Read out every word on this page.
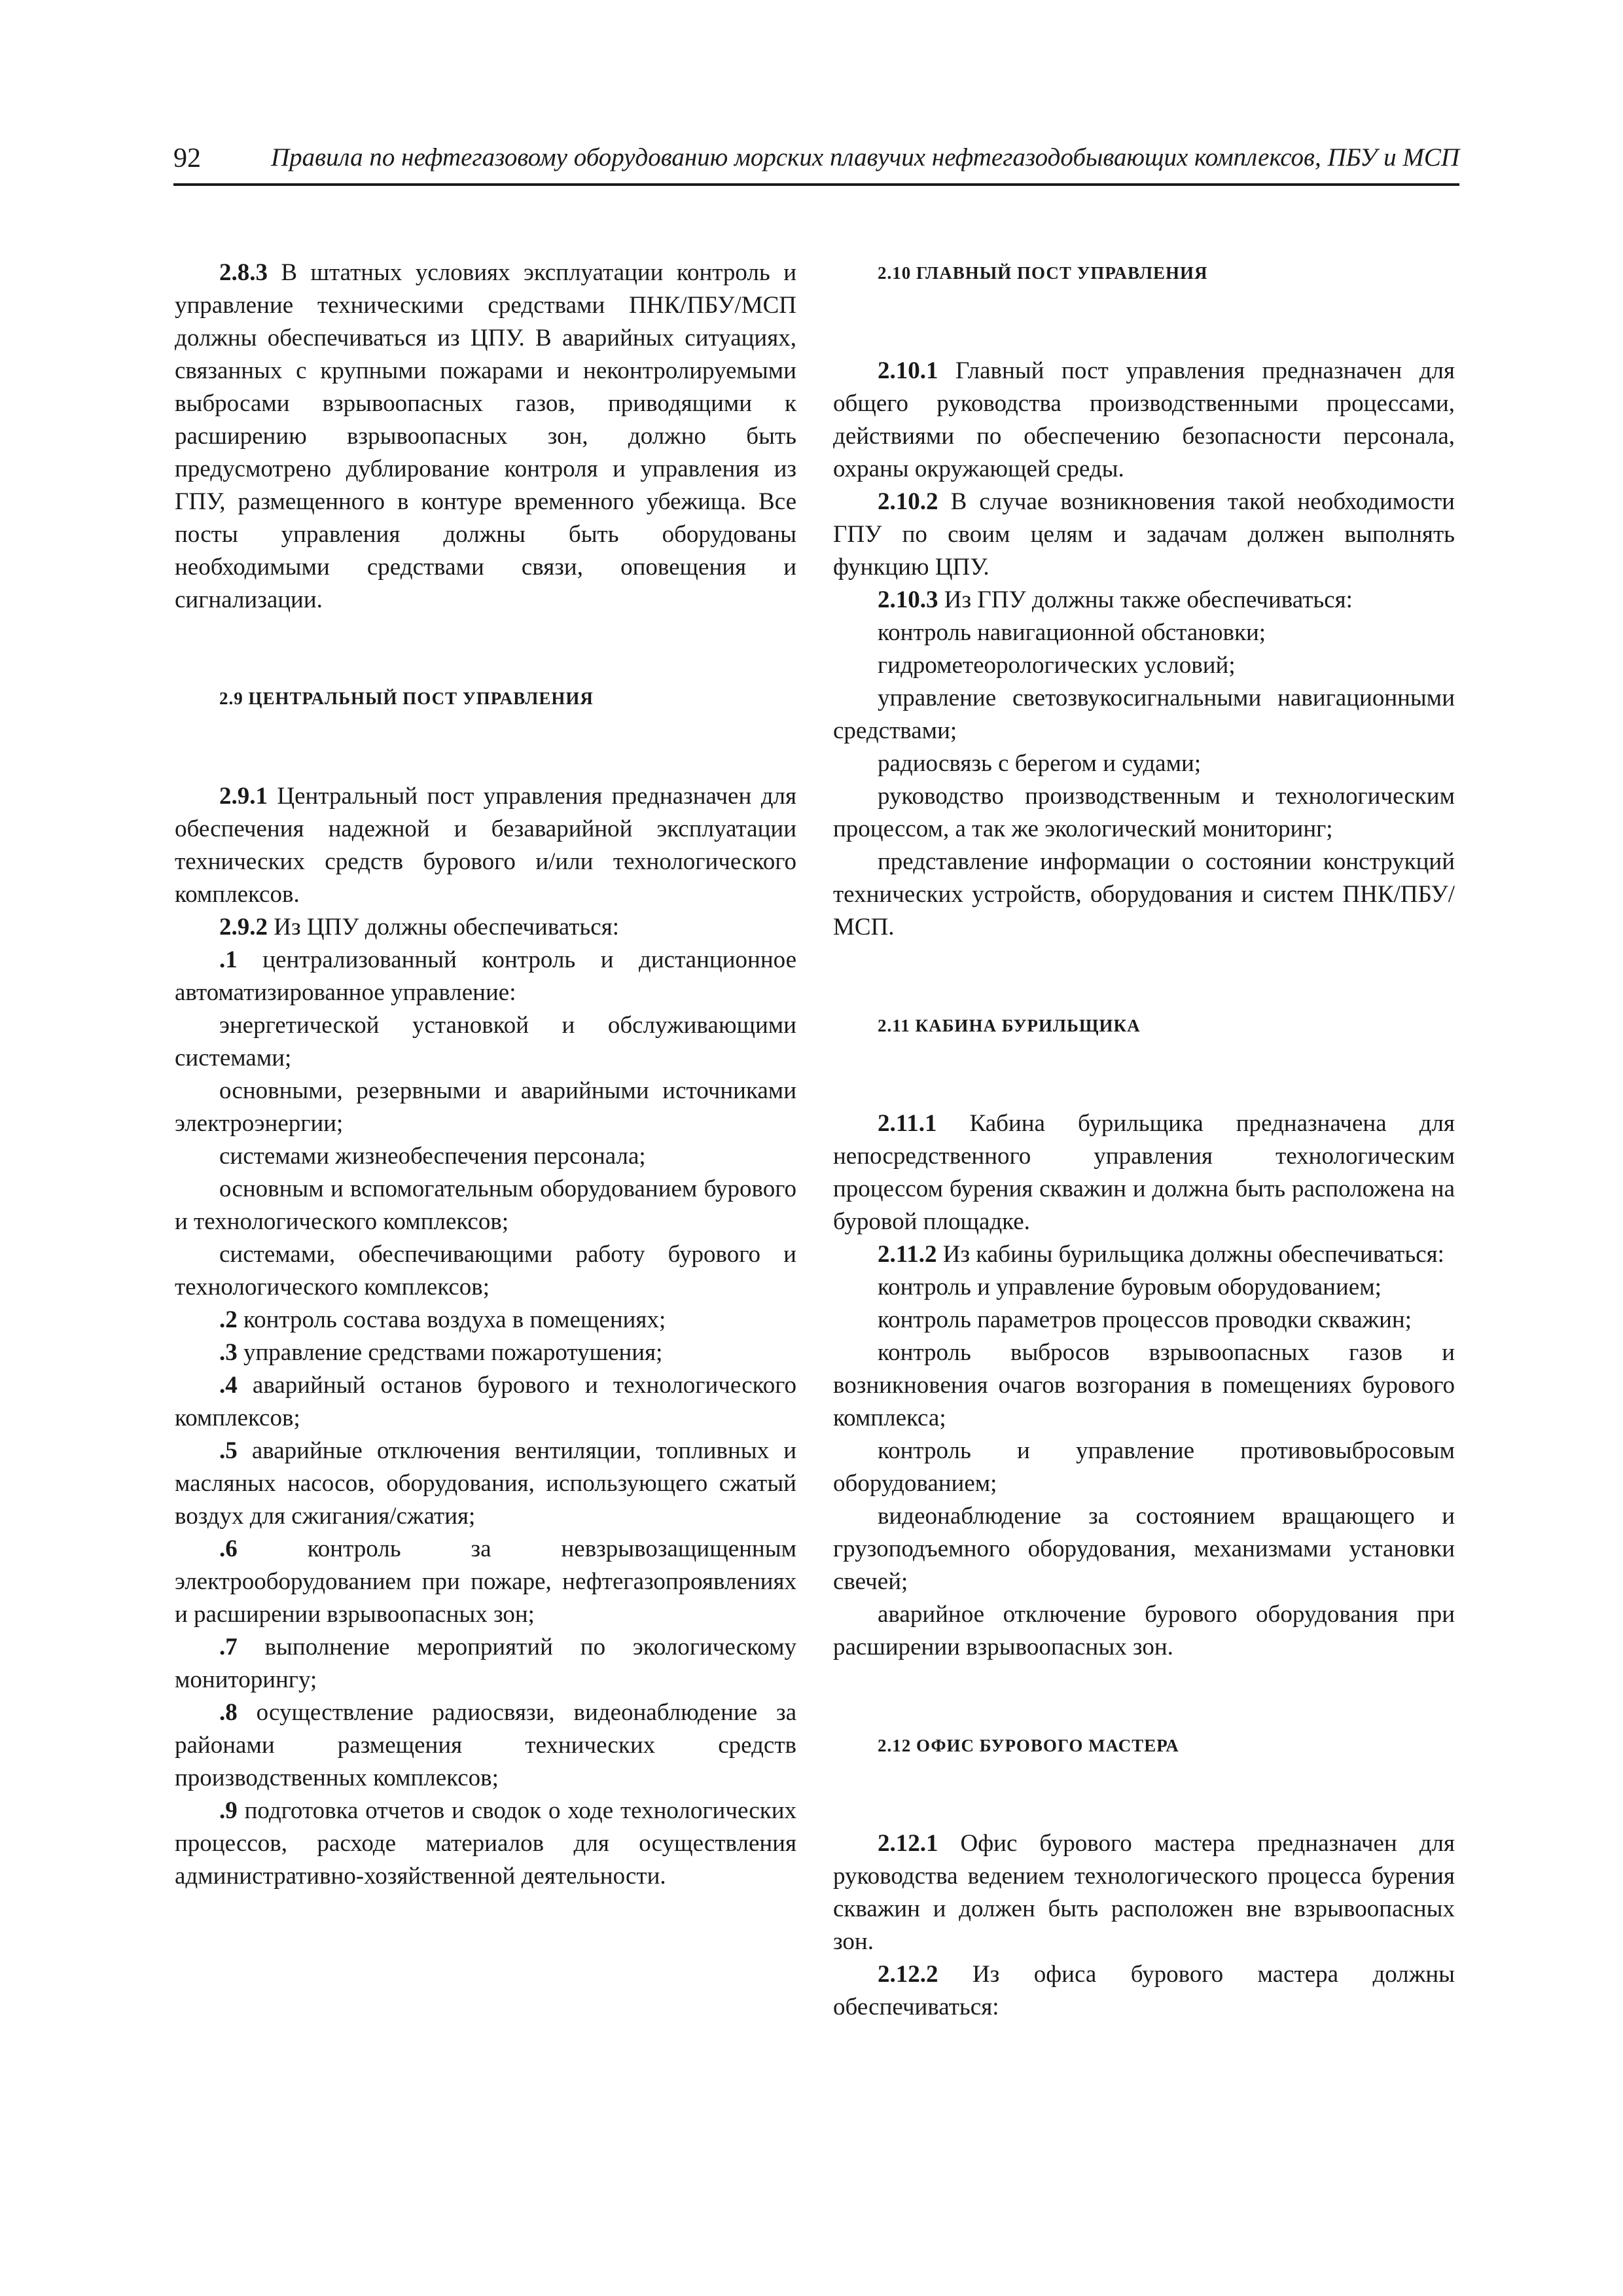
92	Правила по нефтегазовому оборудованию морских плавучих нефтегазодобывающих комплексов, ПБУ и МСП

2.8.3 В штатных условиях эксплуатации контроль и управление техническими средствами ПНК/ПБУ/МСП должны обеспечиваться из ЦПУ. В аварийных ситуациях, связанных с крупными пожарами и неконтролируемыми выбросами взрывоопасных газов, приводящими к расширению взрывоопасных зон, должно быть предусмотрено дублирование контроля и управления из ГПУ, размещенного в контуре временного убежища. Все посты управления должны быть оборудованы необходимыми средствами связи, оповещения и сигнализации.

2.9 ЦЕНТРАЛЬНЫЙ ПОСТ УПРАВЛЕНИЯ

2.9.1 Центральный пост управления предназначен для обеспечения надежной и безаварийной эксплуатации технических средств бурового и/или технологического комплексов.

2.9.2 Из ЦПУ должны обеспечиваться:

.1 централизованный контроль и дистанционное автоматизированное управление:

энергетической установкой и обслуживающими системами;

основными, резервными и аварийными источниками электроэнергии;

системами жизнеобеспечения персонала;

основным и вспомогательным оборудованием бурового и технологического комплексов;

системами, обеспечивающими работу бурового и технологического комплексов;

.2 контроль состава воздуха в помещениях;

.3 управление средствами пожаротушения;

.4 аварийный останов бурового и технологического комплексов;

.5 аварийные отключения вентиляции, топливных и масляных насосов, оборудования, использующего сжатый воздух для сжигания/сжатия;

.6 контроль за невзрывозащищенным электрооборудованием при пожаре, нефтегазопроявлениях и расширении взрывоопасных зон;

.7 выполнение мероприятий по экологическому мониторингу;

.8 осуществление радиосвязи, видеонаблюдение за районами размещения технических средств производственных комплексов;

.9 подготовка отчетов и сводок о ходе технологических процессов, расходе материалов для осуществления административно-хозяйственной деятельности.

2.10 ГЛАВНЫЙ ПОСТ УПРАВЛЕНИЯ

2.10.1 Главный пост управления предназначен для общего руководства производственными процессами, действиями по обеспечению безопасности персонала, охраны окружающей среды.

2.10.2 В случае возникновения такой необходимости ГПУ по своим целям и задачам должен выполнять функцию ЦПУ.

2.10.3 Из ГПУ должны также обеспечиваться:

контроль навигационной обстановки;

гидрометеорологических условий;

управление светозвукосигнальными навигационными средствами;

радиосвязь с берегом и судами;

руководство производственным и технологическим процессом, а так же экологический мониторинг;

представление информации о состоянии конструкций технических устройств, оборудования и систем ПНК/ПБУ/МСП.

2.11 КАБИНА БУРИЛЬЩИКА

2.11.1 Кабина бурильщика предназначена для непосредственного управления технологическим процессом бурения скважин и должна быть расположена на буровой площадке.

2.11.2 Из кабины бурильщика должны обеспечиваться:

контроль и управление буровым оборудованием;

контроль параметров процессов проводки скважин;

контроль выбросов взрывоопасных газов и возникновения очагов возгорания в помещениях бурового комплекса;

контроль и управление противовыбросовым оборудованием;

видеонаблюдение за состоянием вращающего и грузоподъемного оборудования, механизмами установки свечей;

аварийное отключение бурового оборудования при расширении взрывоопасных зон.

2.12 ОФИС БУРОВОГО МАСТЕРА

2.12.1 Офис бурового мастера предназначен для руководства ведением технологического процесса бурения скважин и должен быть расположен вне взрывоопасных зон.

2.12.2 Из офиса бурового мастера должны обеспечиваться:
